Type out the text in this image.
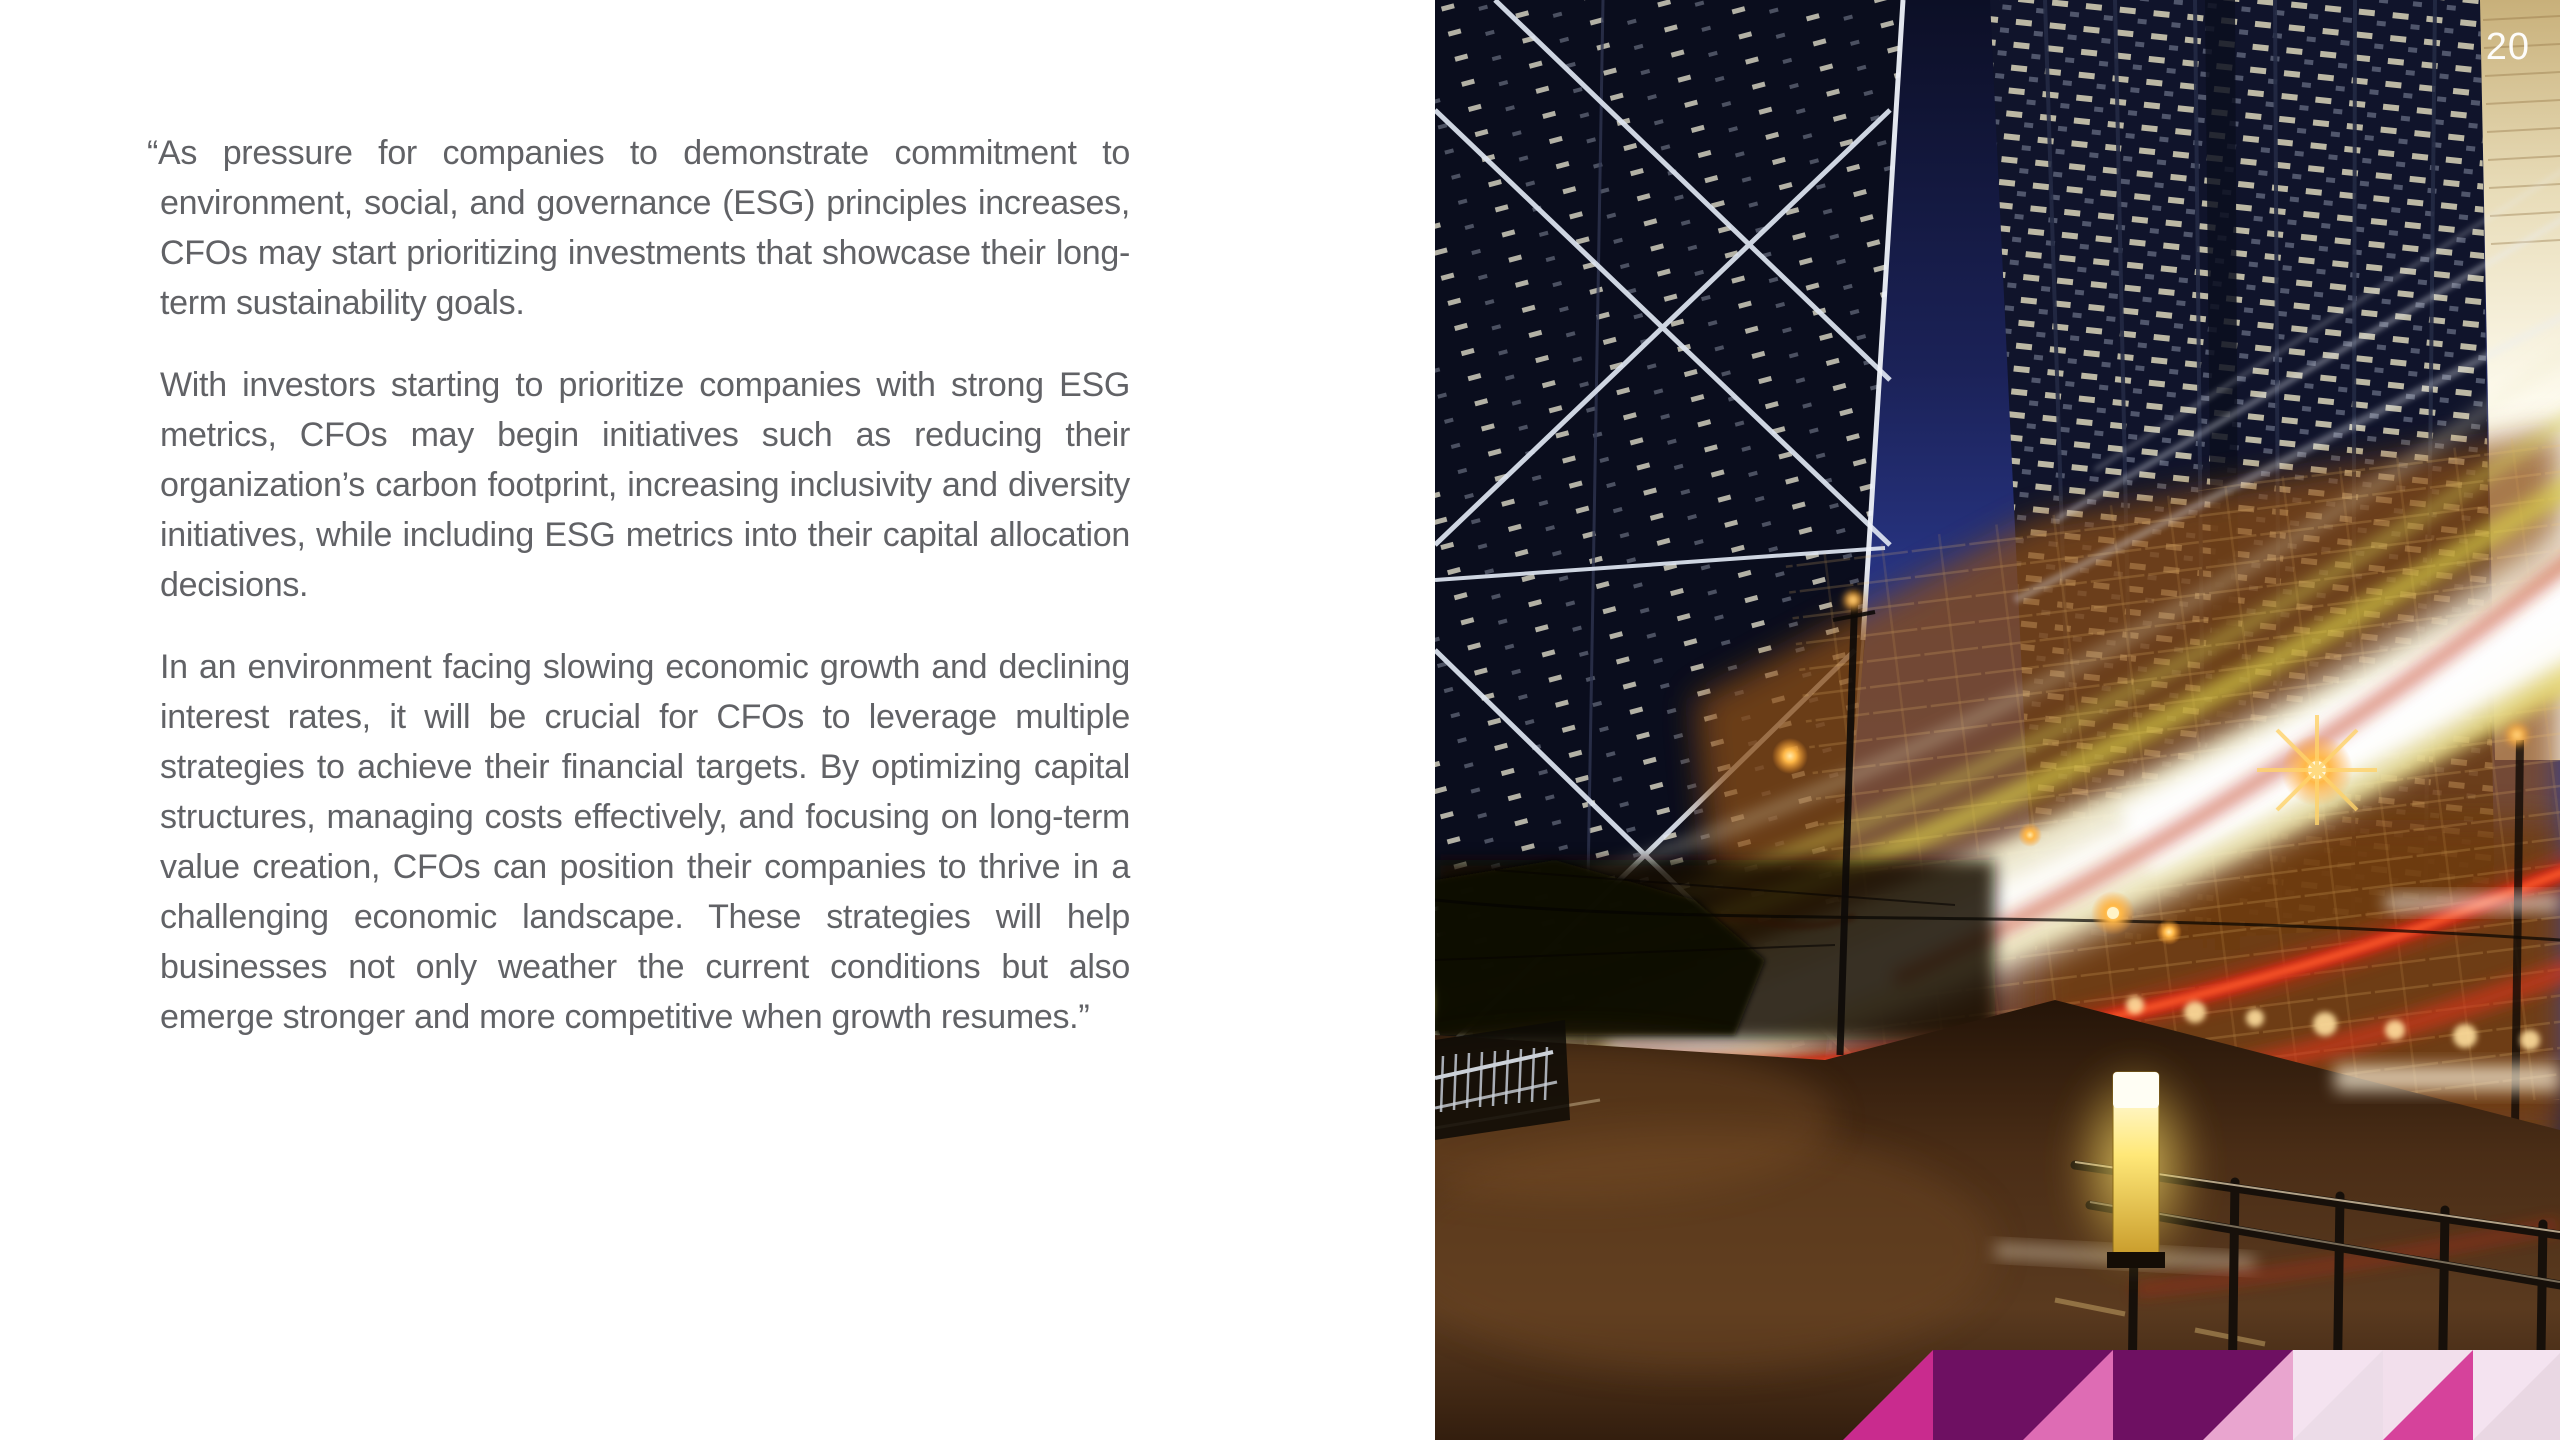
“As pressure for companies to demonstrate commitment to environment, social, and governance (ESG) principles increases, CFOs may start prioritizing investments that showcase their long-term sustainability goals.

With investors starting to prioritize companies with strong ESG metrics, CFOs may begin initiatives such as reducing their organization’s carbon footprint, increasing inclusivity and diversity initiatives, while including ESG metrics into their capital allocation decisions.

In an environment facing slowing economic growth and declining interest rates, it will be crucial for CFOs to leverage multiple strategies to achieve their financial targets. By optimizing capital structures, managing costs effectively, and focusing on long-term value creation, CFOs can position their companies to thrive in a challenging economic landscape. These strategies will help businesses not only weather the current conditions but also emerge stronger and more competitive when growth resumes.”

20
